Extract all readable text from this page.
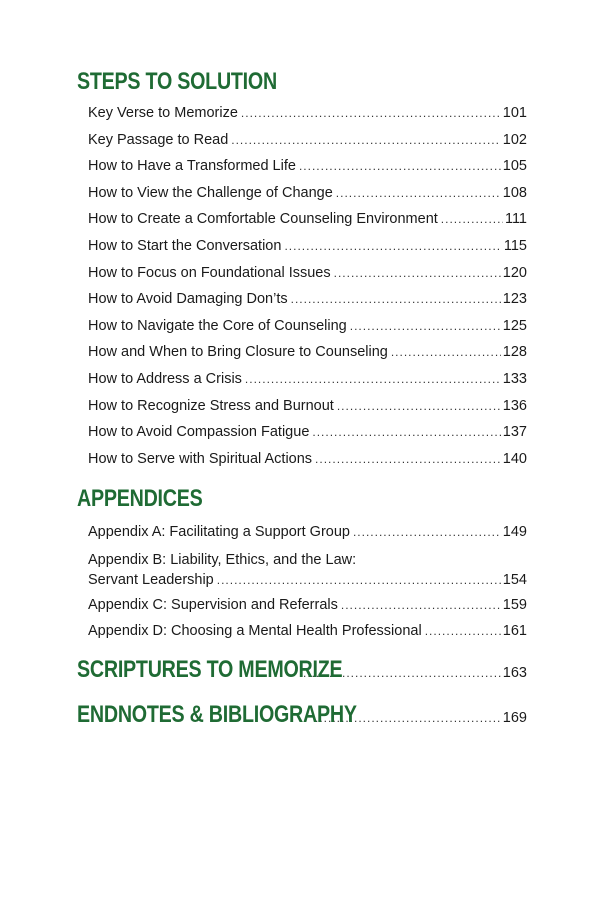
STEPS TO SOLUTION
Key Verse to Memorize .....	101
Key Passage to Read .....	102
How to Have a Transformed Life .....	105
How to View the Challenge of Change .....	108
How to Create a Comfortable Counseling Environment .....	111
How to Start the Conversation .....	115
How to Focus on Foundational Issues .....	120
How to Avoid Damaging Don’ts .....	123
How to Navigate the Core of Counseling .....	125
How and When to Bring Closure to Counseling .....	128
How to Address a Crisis .....	133
How to Recognize Stress and Burnout .....	136
How to Avoid Compassion Fatigue .....	137
How to Serve with Spiritual Actions .....	140
APPENDICES
Appendix A: Facilitating a Support Group .....	149
Appendix B: Liability, Ethics, and the Law:
Servant Leadership .....	154
Appendix C: Supervision and Referrals .....	159
Appendix D: Choosing a Mental Health Professional .....	161
SCRIPTURES TO MEMORIZE .....	163
ENDNOTES & BIBLIOGRAPHY .....	169
